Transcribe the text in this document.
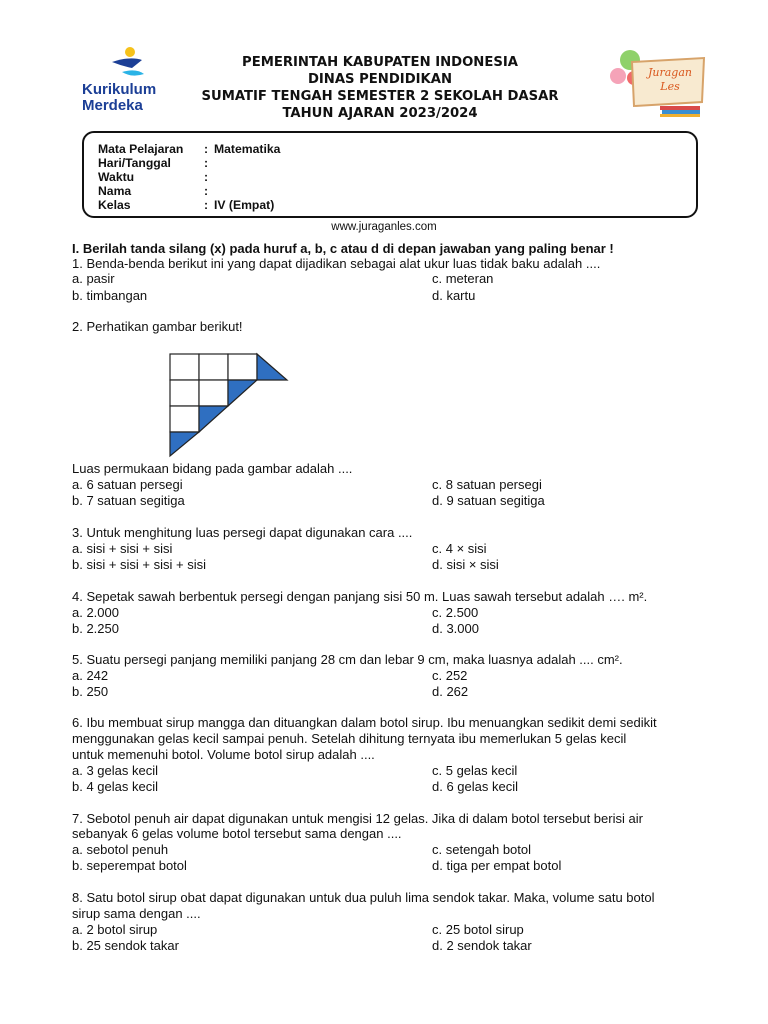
Kurikulum
Merdeka
PEMERINTAH KABUPATEN INDONESIA
DINAS PENDIDIKAN
SUMATIF TENGAH SEMESTER 2 SEKOLAH DASAR
TAHUN AJARAN 2023/2024
Juragan
Les
Mata Pelajaran	: Matematika
Hari/Tanggal	:
Waktu	:
Nama	:
Kelas	: IV (Empat)
www.juraganles.com
I. Berilah tanda silang (x) pada huruf a, b, c atau d di depan jawaban yang paling benar !
1. Benda-benda berikut ini yang dapat dijadikan sebagai alat ukur luas tidak baku adalah ....
a. pasir	c. meteran
b. timbangan	d. kartu
2. Perhatikan gambar berikut!
Luas permukaan bidang pada gambar adalah ....
a. 6 satuan persegi	c. 8 satuan persegi
b. 7 satuan segitiga	d. 9 satuan segitiga
3. Untuk menghitung luas persegi dapat digunakan cara ....
a. sisi + sisi + sisi	c. 4 × sisi
b. sisi + sisi + sisi + sisi	d. sisi × sisi
4. Sepetak sawah berbentuk persegi dengan panjang sisi 50 m. Luas sawah tersebut adalah …. m².
a. 2.000	c. 2.500
b. 2.250	d. 3.000
5. Suatu persegi panjang memiliki panjang 28 cm dan lebar 9 cm, maka luasnya adalah .... cm².
a. 242	c. 252
b. 250	d. 262
6. Ibu membuat sirup mangga dan dituangkan dalam botol sirup. Ibu menuangkan sedikit demi sedikit
menggunakan gelas kecil sampai penuh. Setelah dihitung ternyata ibu memerlukan 5 gelas kecil
untuk memenuhi botol. Volume botol sirup adalah ....
a. 3 gelas kecil	c. 5 gelas kecil
b. 4 gelas kecil	d. 6 gelas kecil
7. Sebotol penuh air dapat digunakan untuk mengisi 12 gelas. Jika di dalam botol tersebut berisi air
sebanyak 6 gelas volume botol tersebut sama dengan ....
a. sebotol penuh	c. setengah botol
b. seperempat botol	d. tiga per empat botol
8. Satu botol sirup obat dapat digunakan untuk dua puluh lima sendok takar. Maka, volume satu botol
sirup sama dengan ....
a. 2 botol sirup	c. 25 botol sirup
b. 25 sendok takar	d. 2 sendok takar
